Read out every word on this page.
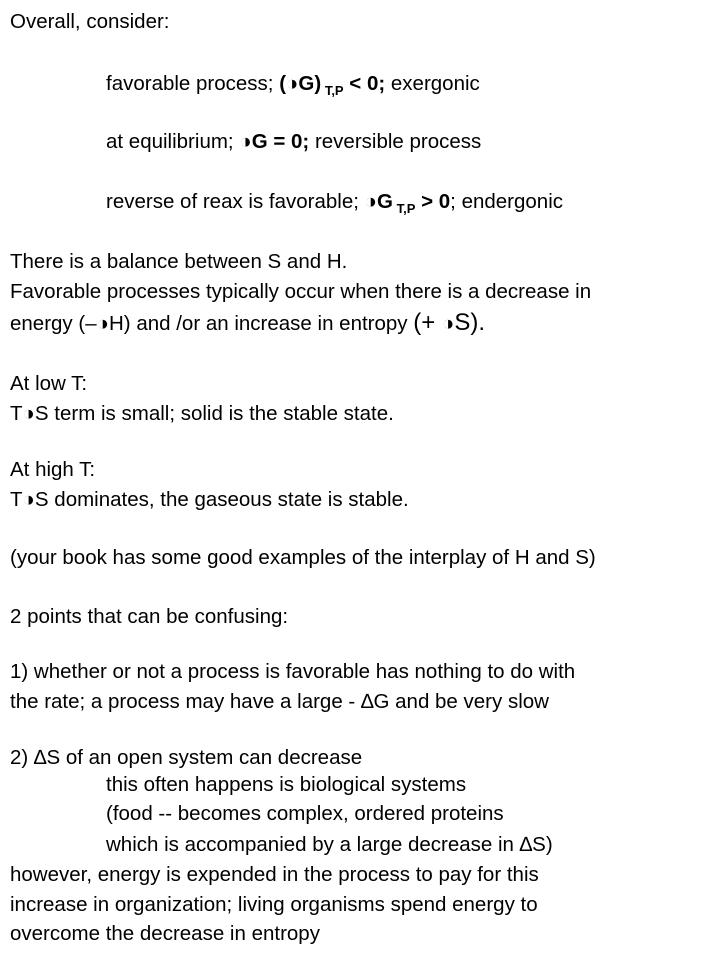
Overall, consider:
favorable process; (◑G) $_{T,P}$ < 0; exergonic
at equilibrium; ◑G = 0; reversible process
reverse of reax is favorable; ◑G $_{T,P}$ > 0; endergonic
There is a balance between S and H.
Favorable processes typically occur when there is a decrease in
energy (–◑H) and /or an increase in entropy (+ ◑S).
At low T:
T◑S term is small; solid is the stable state.
At high T:
T◑S dominates, the gaseous state is stable.
(your book has some good examples of the interplay of H and S)
2 points that can be confusing:
1) whether or not a process is favorable has nothing to do with
the rate; a process may have a large - ∆G and be very slow
2) ∆S of an open system can decrease
this often happens is biological systems
(food -- becomes complex, ordered proteins
which is accompanied by a large decrease in ∆S)
however, energy is expended in the process to pay for this
increase in organization; living organisms spend energy to
overcome the decrease in entropy
